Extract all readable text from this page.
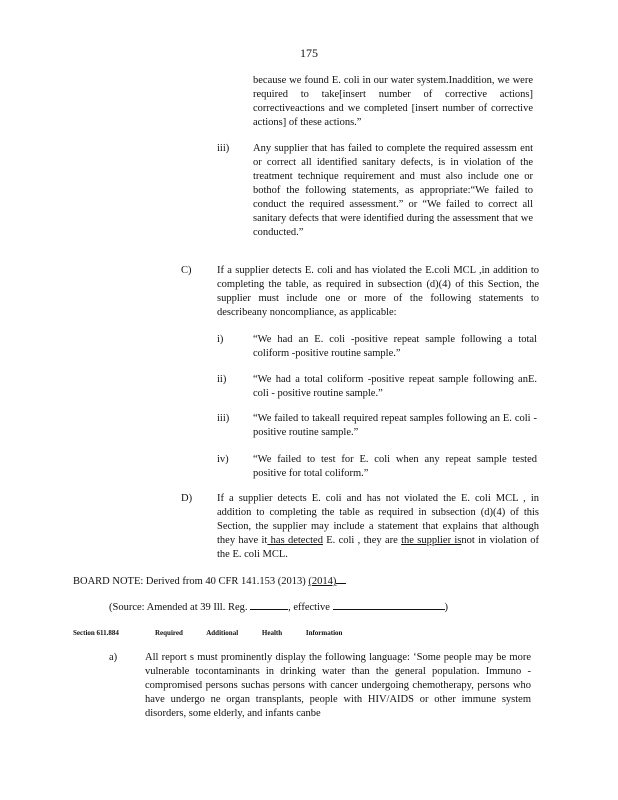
175
because we found E. coli in our water system.Inaddition, we were required to take[insert number of corrective actions] correctiveactions and we completed [insert number of corrective actions] of these actions.”
iii) Any supplier that has failed to complete the required assessm ent or correct all identified sanitary defects, is in violation of the treatment technique requirement and must also include one or bothof the following statements, as appropriate:“We failed to conduct the required assessment.” or “We failed to correct all sanitary defects that were identified during the assessment that we conducted.”
C) If a supplier detects E. coli and has violated the E.coli MCL ,in addition to completing the table, as required in subsection (d)(4) of this Section, the supplier must include one or more of the following statements to describeany noncompliance, as applicable:
i)	“We had an E. coli -positive repeat sample following a total coliform -positive routine sample.”
ii)	“We had a total coliform -positive repeat sample following anE. coli - positive routine sample.”
iii) “We failed to takeall required repeat samples following an E. coli -positive routine sample.”
iv) “We failed to test for E. coli when any repeat sample tested positive for total coliform.”
D) If a supplier detects E. coli and has not violated the E. coli MCL , in addition to completing the table as required in subsection (d)(4) of this Section, the supplier may include a statement that explains that although they have it has detected E. coli , they are the supplier isnot in violation of the E. coli MCL.
BOARD NOTE: Derived from 40 CFR 141.153 (2013) (2014)
(Source: Amended at 39 Ill. Reg.	, effective	)
Section 611.884	Required Additional Health Information
a)	All report s must prominently display the following language: ‘Some people may be more vulnerable tocontaminants in drinking water than the general population. Immuno -compromised persons suchas persons with cancer undergoing chemotherapy, persons who have undergo ne organ transplants, people with HIV/AIDS or other immune system disorders, some elderly, and infants canbe
